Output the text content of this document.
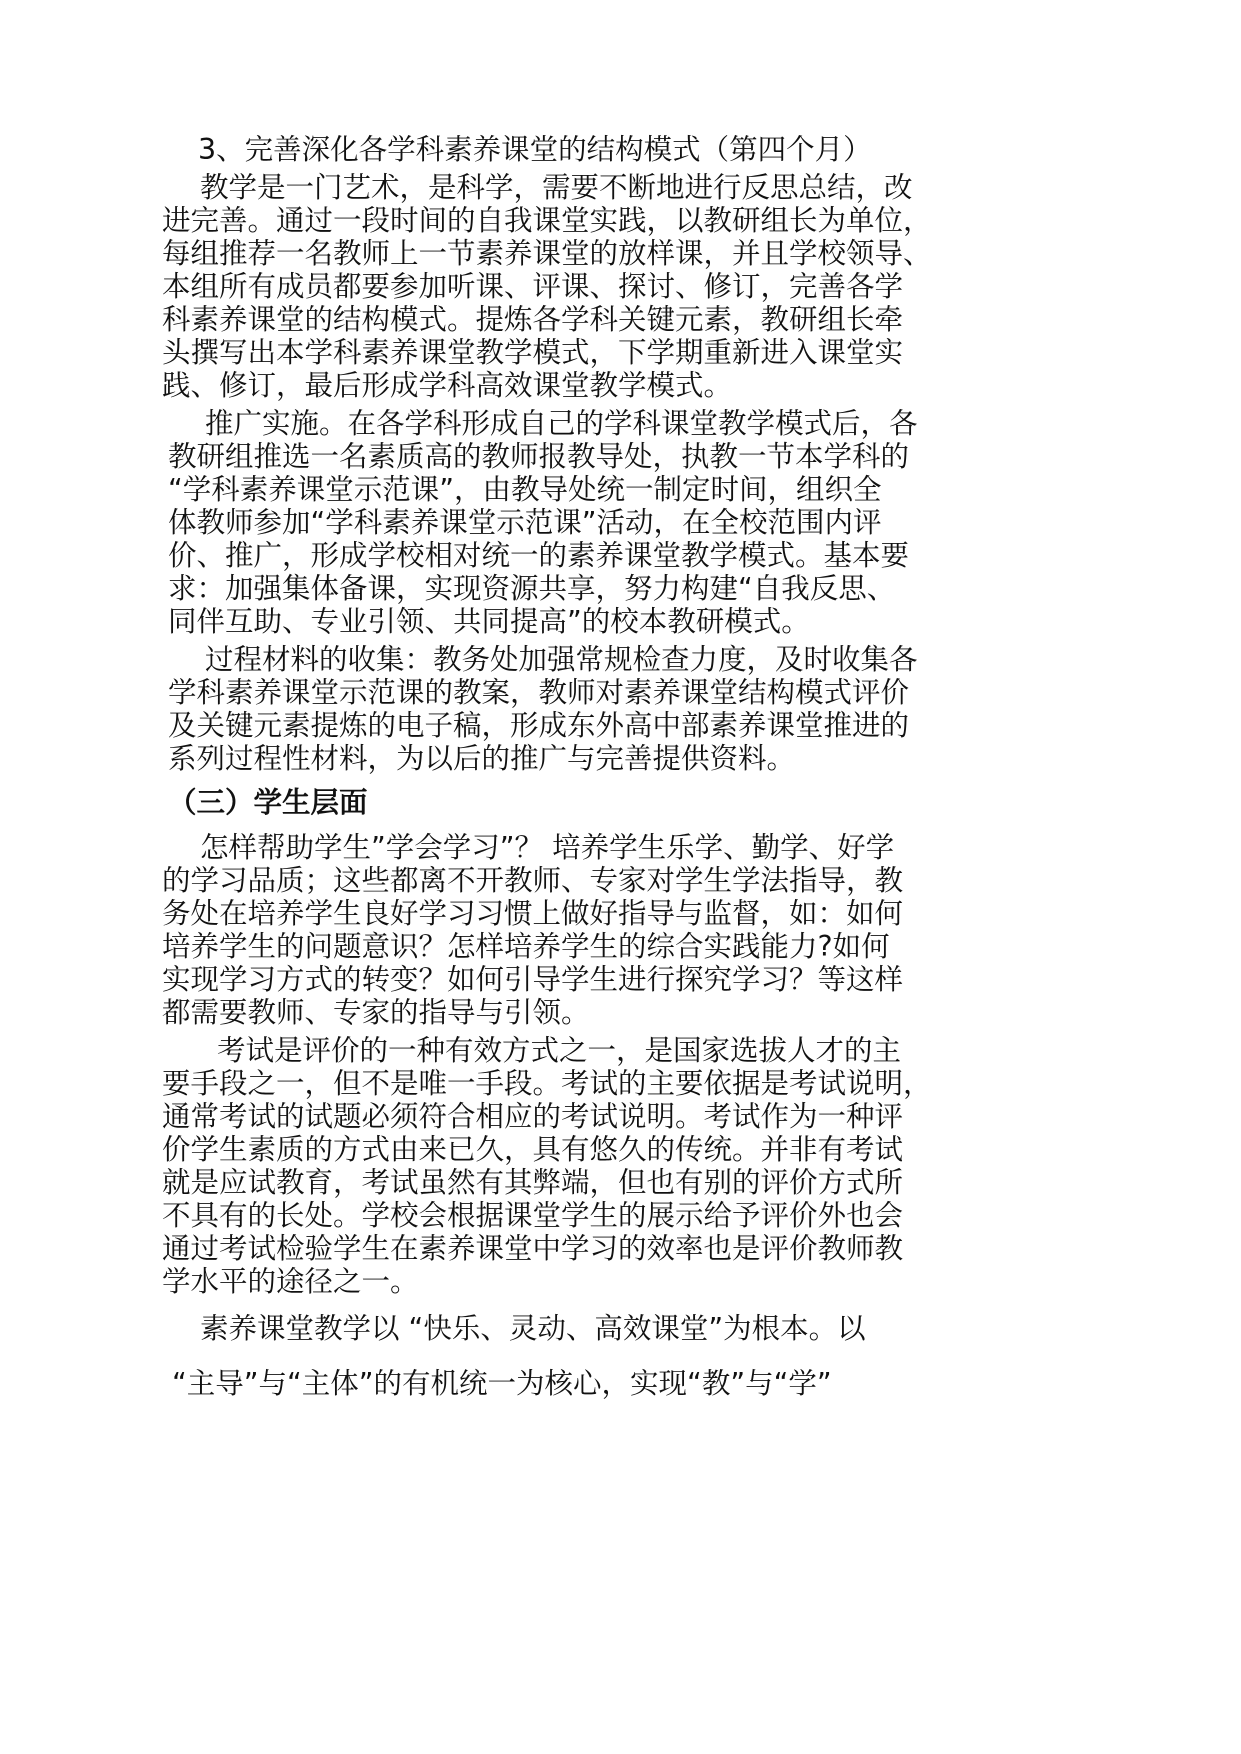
3、完善深化各学科素养课堂的结构模式（第四个月）

教学是一门艺术，是科学，需要不断地进行反思总结，改

进完善。通过一段时间的自我课堂实践，以教研组长为单位，

每组推荐一名教师上一节素养课堂的放样课，并且学校领导、

本组所有成员都要参加听课、评课、探讨、修订，完善各学

科素养课堂的结构模式。提炼各学科关键元素，教研组长牵

头撰写出本学科素养课堂教学模式，下学期重新进入课堂实

践、修订，最后形成学科高效课堂教学模式。

推广实施。在各学科形成自己的学科课堂教学模式后，各

教研组推选一名素质高的教师报教导处，执教一节本学科的

“学科素养课堂示范课”，由教导处统一制定时间，组织全

体教师参加“学科素养课堂示范课”活动，在全校范围内评

价、推广，形成学校相对统一的素养课堂教学模式。基本要

求：加强集体备课，实现资源共享，努力构建“自我反思、

同伴互助、专业引领、共同提高”的校本教研模式。

过程材料的收集：教务处加强常规检查力度，及时收集各

学科素养课堂示范课的教案，教师对素养课堂结构模式评价

及关键元素提炼的电子稿，形成东外高中部素养课堂推进的

系列过程性材料，为以后的推广与完善提供资料。

（三）学生层面

怎样帮助学生”学会学习”？ 培养学生乐学、勤学、好学

的学习品质；这些都离不开教师、专家对学生学法指导，教

务处在培养学生良好学习习惯上做好指导与监督，如：如何

培养学生的问题意识？怎样培养学生的综合实践能力?如何

实现学习方式的转变？如何引导学生进行探究学习？等这样

都需要教师、专家的指导与引领。

考试是评价的一种有效方式之一，是国家选拔人才的主

要手段之一，但不是唯一手段。考试的主要依据是考试说明，

通常考试的试题必须符合相应的考试说明。考试作为一种评

价学生素质的方式由来已久，具有悠久的传统。并非有考试

就是应试教育，考试虽然有其弊端，但也有别的评价方式所

不具有的长处。学校会根据课堂学生的展示给予评价外也会

通过考试检验学生在素养课堂中学习的效率也是评价教师教

学水平的途径之一。

素养课堂教学以 “快乐、灵动、高效课堂”为根本。以

“主导”与“主体”的有机统一为核心，实现“教”与“学”
